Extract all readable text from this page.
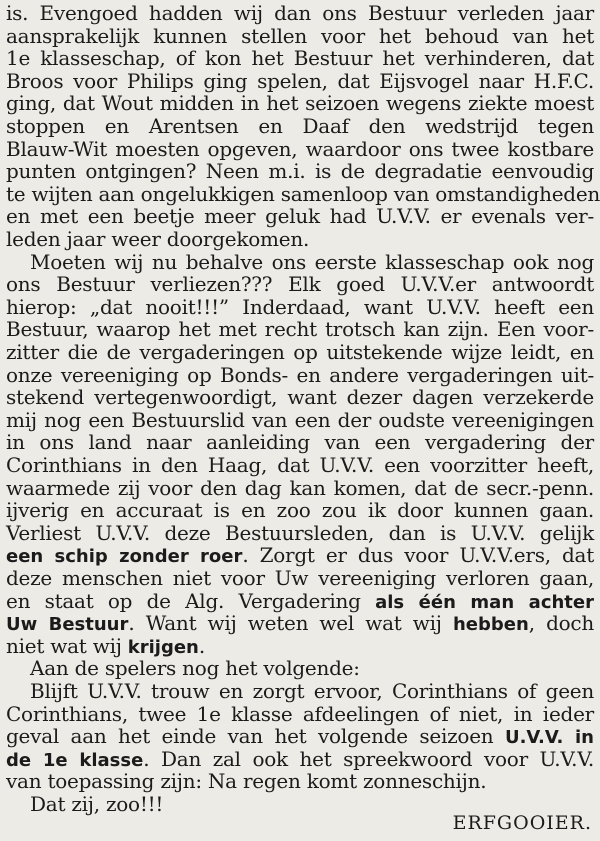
is. Evengoed hadden wij dan ons Bestuur verleden jaar
aansprakelijk kunnen stellen voor het behoud van het
1e klasseschap, of kon het Bestuur het verhinderen, dat
Broos voor Philips ging spelen, dat Eijsvogel naar H.F.C.
ging, dat Wout midden in het seizoen wegens ziekte moest
stoppen en Arentsen en Daaf den wedstrijd tegen
Blauw-Wit moesten opgeven, waardoor ons twee kostbare
punten ontgingen? Neen m.i. is de degradatie eenvoudig
te wijten aan ongelukkigen samenloop van omstandigheden
en met een beetje meer geluk had U.V.V. er evenals ver-
leden jaar weer doorgekomen.
Moeten wij nu behalve ons eerste klasseschap ook nog
ons Bestuur verliezen??? Elk goed U.V.V.er antwoordt
hierop: „dat nooit!!!” Inderdaad, want U.V.V. heeft een
Bestuur, waarop het met recht trotsch kan zijn. Een voor-
zitter die de vergaderingen op uitstekende wijze leidt, en
onze vereeniging op Bonds- en andere vergaderingen uit-
stekend vertegenwoordigt, want dezer dagen verzekerde
mij nog een Bestuurslid van een der oudste vereenigingen
in ons land naar aanleiding van een vergadering der
Corinthians in den Haag, dat U.V.V. een voorzitter heeft,
waarmede zij voor den dag kan komen, dat de secr.-penn.
ijverig en accuraat is en zoo zou ik door kunnen gaan.
Verliest U.V.V. deze Bestuursleden, dan is U.V.V. gelijk
een schip zonder roer. Zorgt er dus voor U.V.V.ers, dat
deze menschen niet voor Uw vereeniging verloren gaan,
en staat op de Alg. Vergadering als één man achter
Uw Bestuur. Want wij weten wel wat wij hebben, doch
niet wat wij krijgen.
Aan de spelers nog het volgende:
Blijft U.V.V. trouw en zorgt ervoor, Corinthians of geen
Corinthians, twee 1e klasse afdeelingen of niet, in ieder
geval aan het einde van het volgende seizoen U.V.V. in
de 1e klasse. Dan zal ook het spreekwoord voor U.V.V.
van toepassing zijn: Na regen komt zonneschijn.
Dat zij, zoo!!!
ERFGOOIER.
